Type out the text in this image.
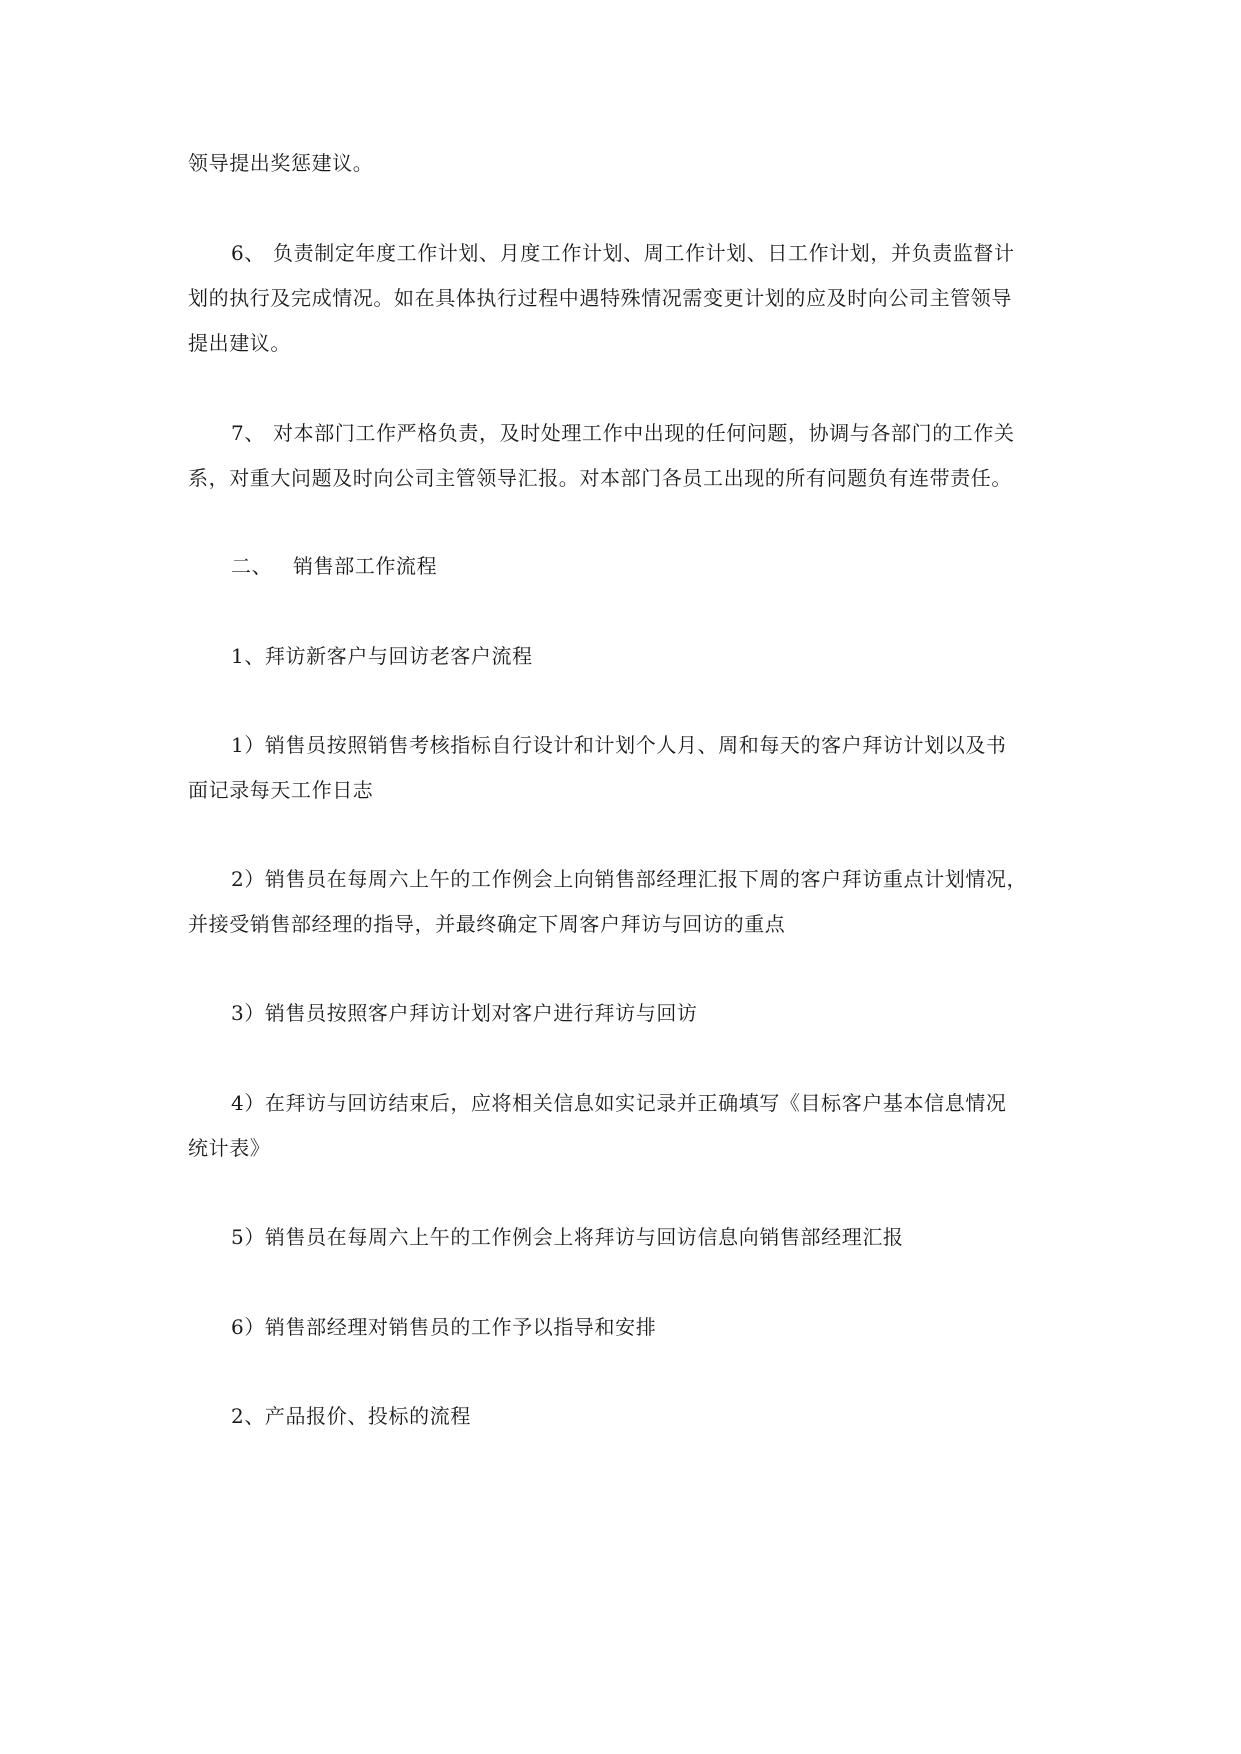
领导提出奖惩建议。
6、 负责制定年度工作计划、月度工作计划、周工作计划、日工作计划，并负责监督计
划的执行及完成情况。如在具体执行过程中遇特殊情况需变更计划的应及时向公司主管领导
提出建议。
7、 对本部门工作严格负责，及时处理工作中出现的任何问题，协调与各部门的工作关
系，对重大问题及时向公司主管领导汇报。对本部门各员工出现的所有问题负有连带责任。
二、 销售部工作流程
1、拜访新客户与回访老客户流程
1）销售员按照销售考核指标自行设计和计划个人月、周和每天的客户拜访计划以及书
面记录每天工作日志
2）销售员在每周六上午的工作例会上向销售部经理汇报下周的客户拜访重点计划情况，
并接受销售部经理的指导，并最终确定下周客户拜访与回访的重点
3）销售员按照客户拜访计划对客户进行拜访与回访
4）在拜访与回访结束后，应将相关信息如实记录并正确填写《目标客户基本信息情况
统计表》
5）销售员在每周六上午的工作例会上将拜访与回访信息向销售部经理汇报
6）销售部经理对销售员的工作予以指导和安排
2、产品报价、投标的流程
